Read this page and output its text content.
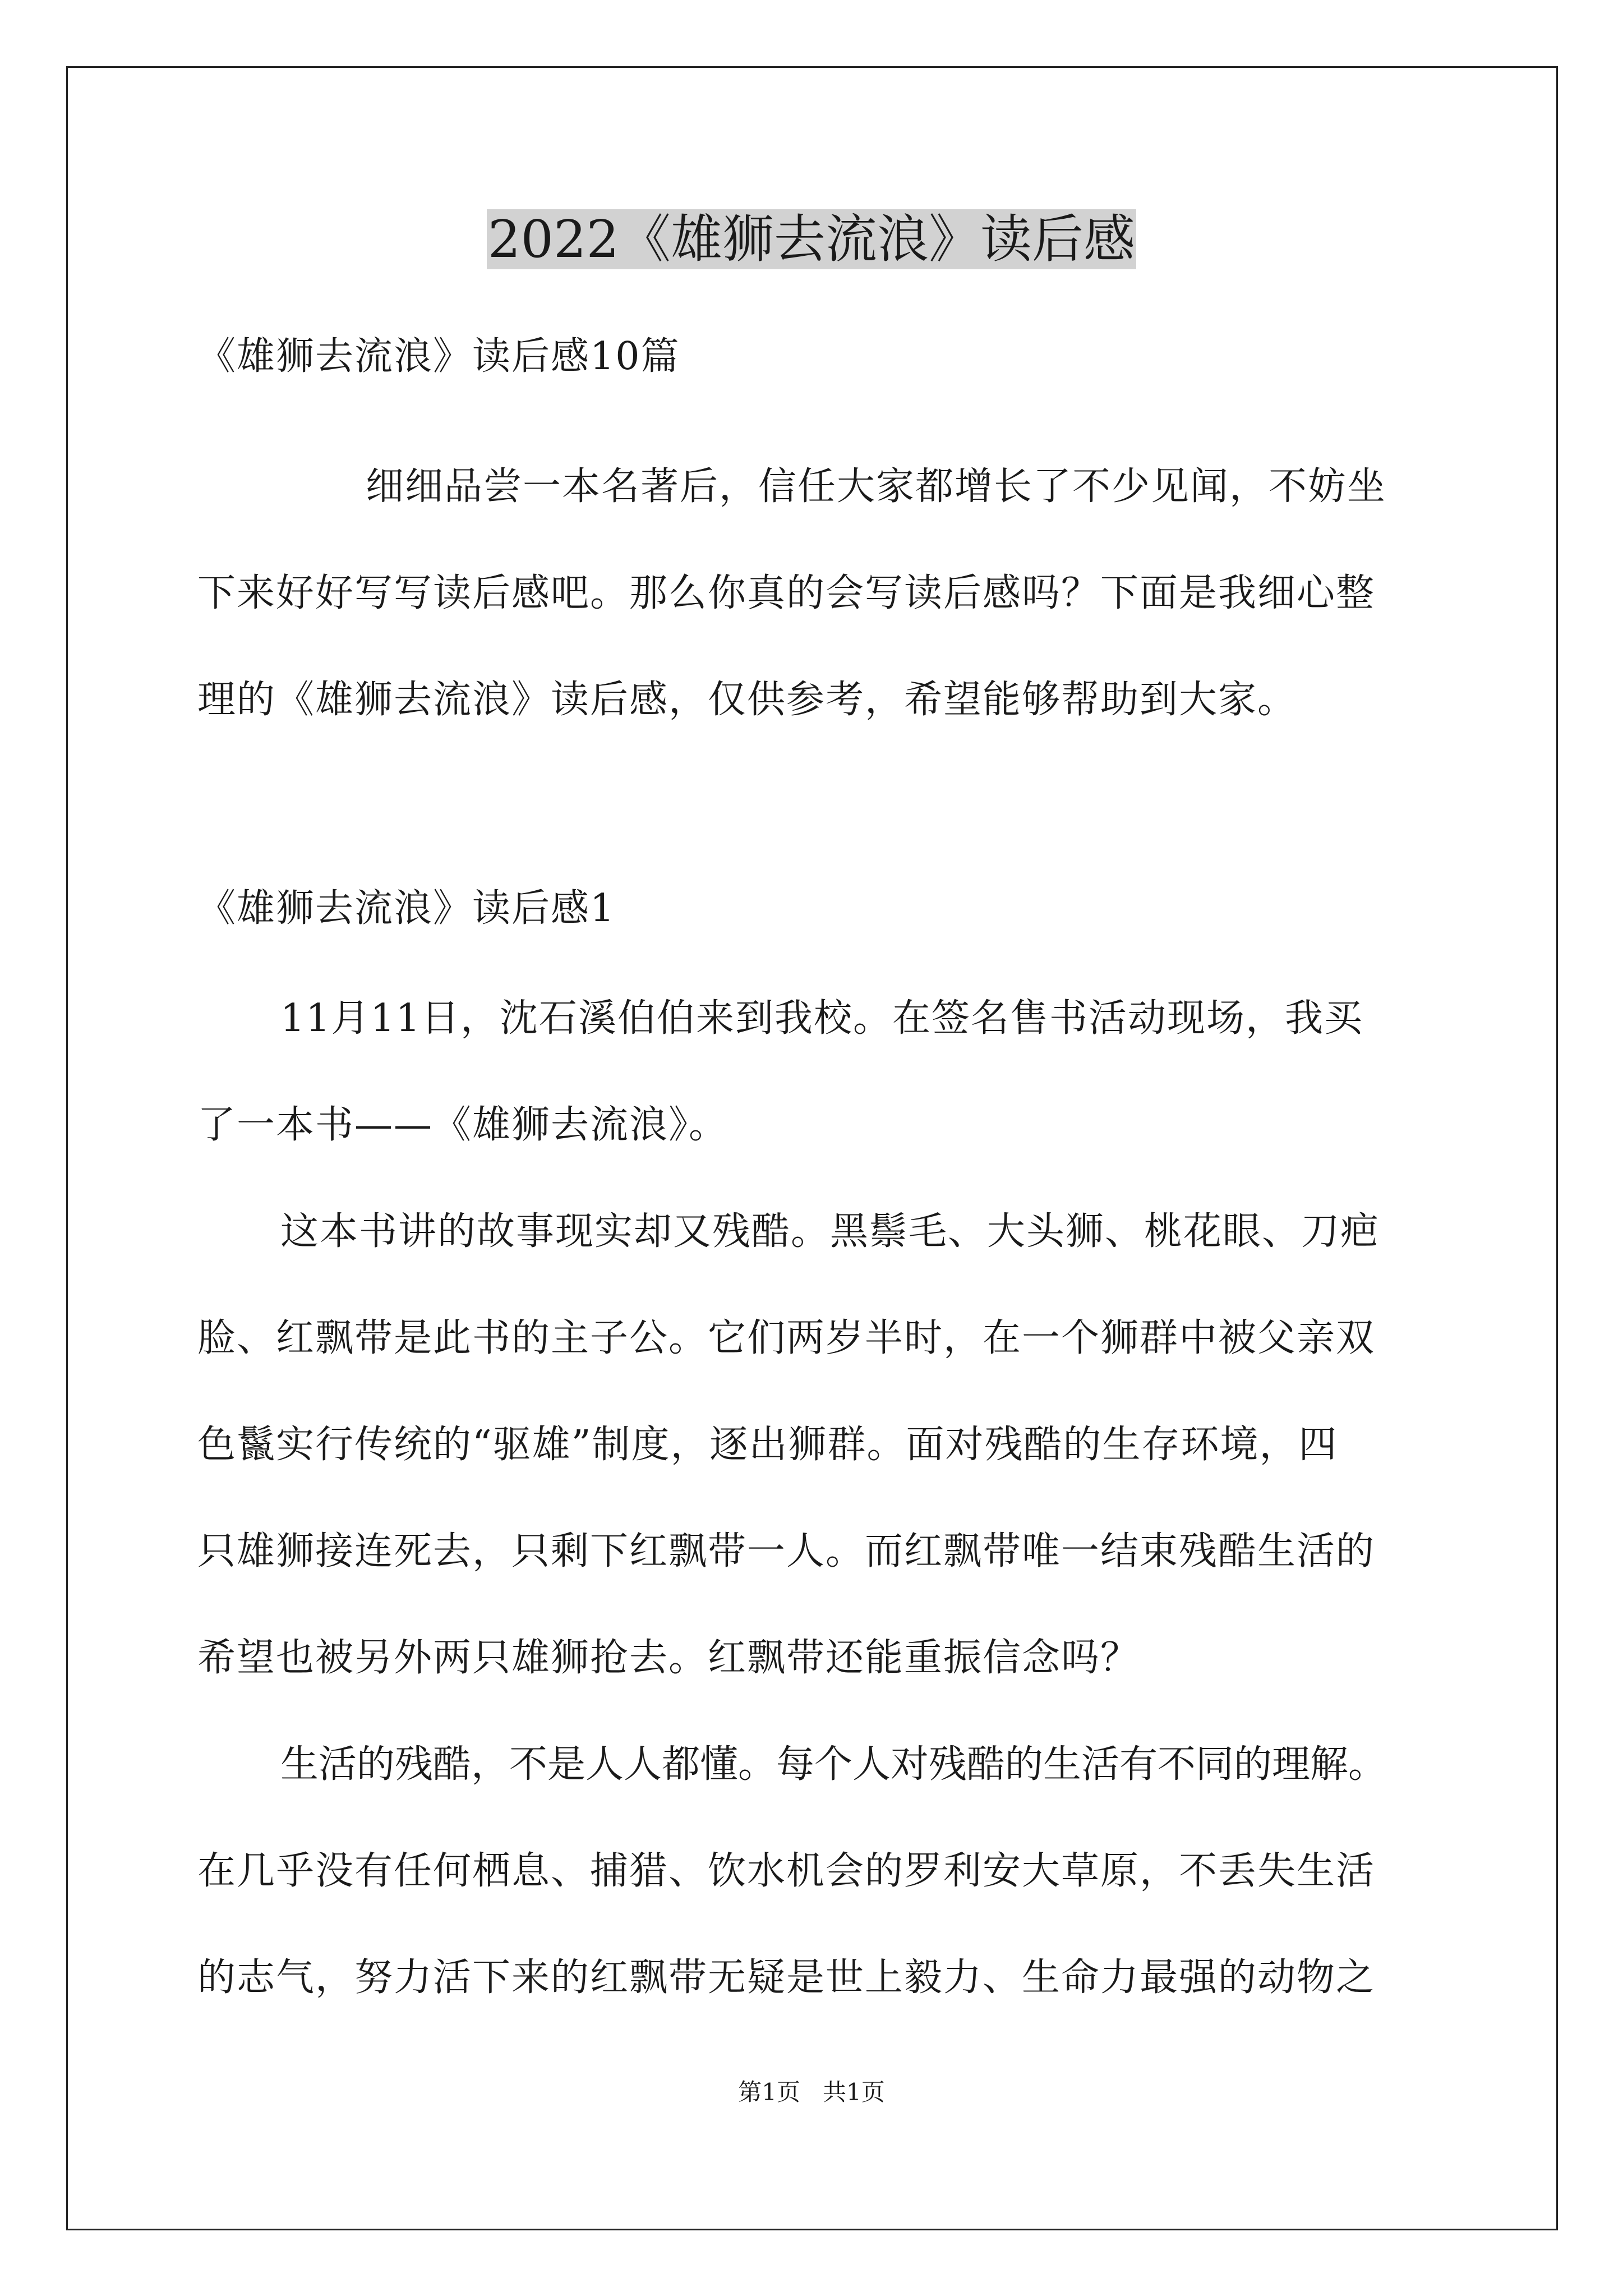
2022《雄狮去流浪》读后感

《雄狮去流浪》读后感10篇

细细品尝一本名著后，信任大家都增长了不少见闻，不妨坐

下来好好写写读后感吧。那么你真的会写读后感吗？下面是我细心整

理的《雄狮去流浪》读后感，仅供参考，希望能够帮助到大家。

《雄狮去流浪》读后感1

11月11日，沈石溪伯伯来到我校。在签名售书活动现场，我买

了一本书——《雄狮去流浪》。

这本书讲的故事现实却又残酷。黑鬃毛、大头狮、桃花眼、刀疤

脸、红飘带是此书的主子公。它们两岁半时，在一个狮群中被父亲双

色鬣实行传统的“驱雄”制度，逐出狮群。面对残酷的生存环境，四

只雄狮接连死去，只剩下红飘带一人。而红飘带唯一结束残酷生活的

希望也被另外两只雄狮抢去。红飘带还能重振信念吗？

生活的残酷，不是人人都懂。每个人对残酷的生活有不同的理解。

在几乎没有任何栖息、捕猎、饮水机会的罗利安大草原，不丢失生活

的志气，努力活下来的红飘带无疑是世上毅力、生命力最强的动物之

第1页   共1页
